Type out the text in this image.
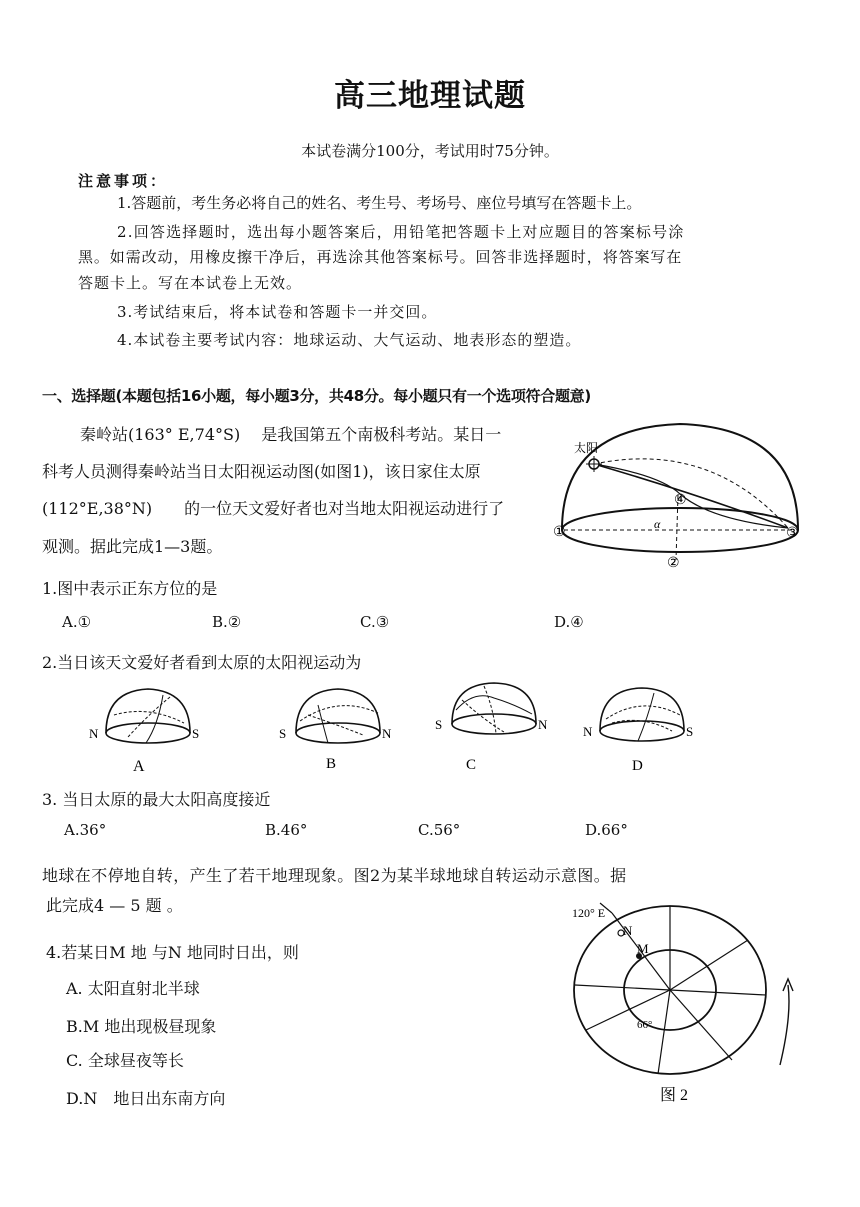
高三地理试题
本试卷满分100分，考试用时75分钟。
注意事项：
1.答题前，考生务必将自己的姓名、考生号、考场号、座位号填写在答题卡上。
2.回答选择题时，选出每小题答案后，用铅笔把答题卡上对应题目的答案标号涂
黑。如需改动，用橡皮擦干净后，再选涂其他答案标号。回答非选择题时，将答案写在
答题卡上。写在本试卷上无效。
3.考试结束后，将本试卷和答题卡一并交回。
4.本试卷主要考试内容：地球运动、大气运动、地表形态的塑造。
一、选择题(本题包括16小题，每小题3分，共48分。每小题只有一个选项符合题意)
秦岭站(163° E,74°S)　 是我国第五个南极科考站。某日一
科考人员测得秦岭站当日太阳视运动图(如图1)，该日家住太原
(112°E,38°N)　　的一位天文爱好者也对当地太阳视运动进行了
观测。据此完成1—3题。
太阳
①	③
②
④
α
1.图中表示正东方位的是
A.①	B.②	C.③	D.④
2.当日该天文爱好者看到太原的太阳视运动为
N	S
A
S	N
B
S	N
C
N	S
D
3. 当日太原的最大太阳高度接近
A.36°	B.46°	C.56°	D.66°
地球在不停地自转，产生了若干地理现象。图2为某半球地球自转运动示意图。据
此完成4 — 5 题 。	120° E
N
M
66°
图 2
4.若某日M 地 与N 地同时日出，则
A. 太阳直射北半球
B.M 地出现极昼现象
C. 全球昼夜等长
D.N　地日出东南方向
